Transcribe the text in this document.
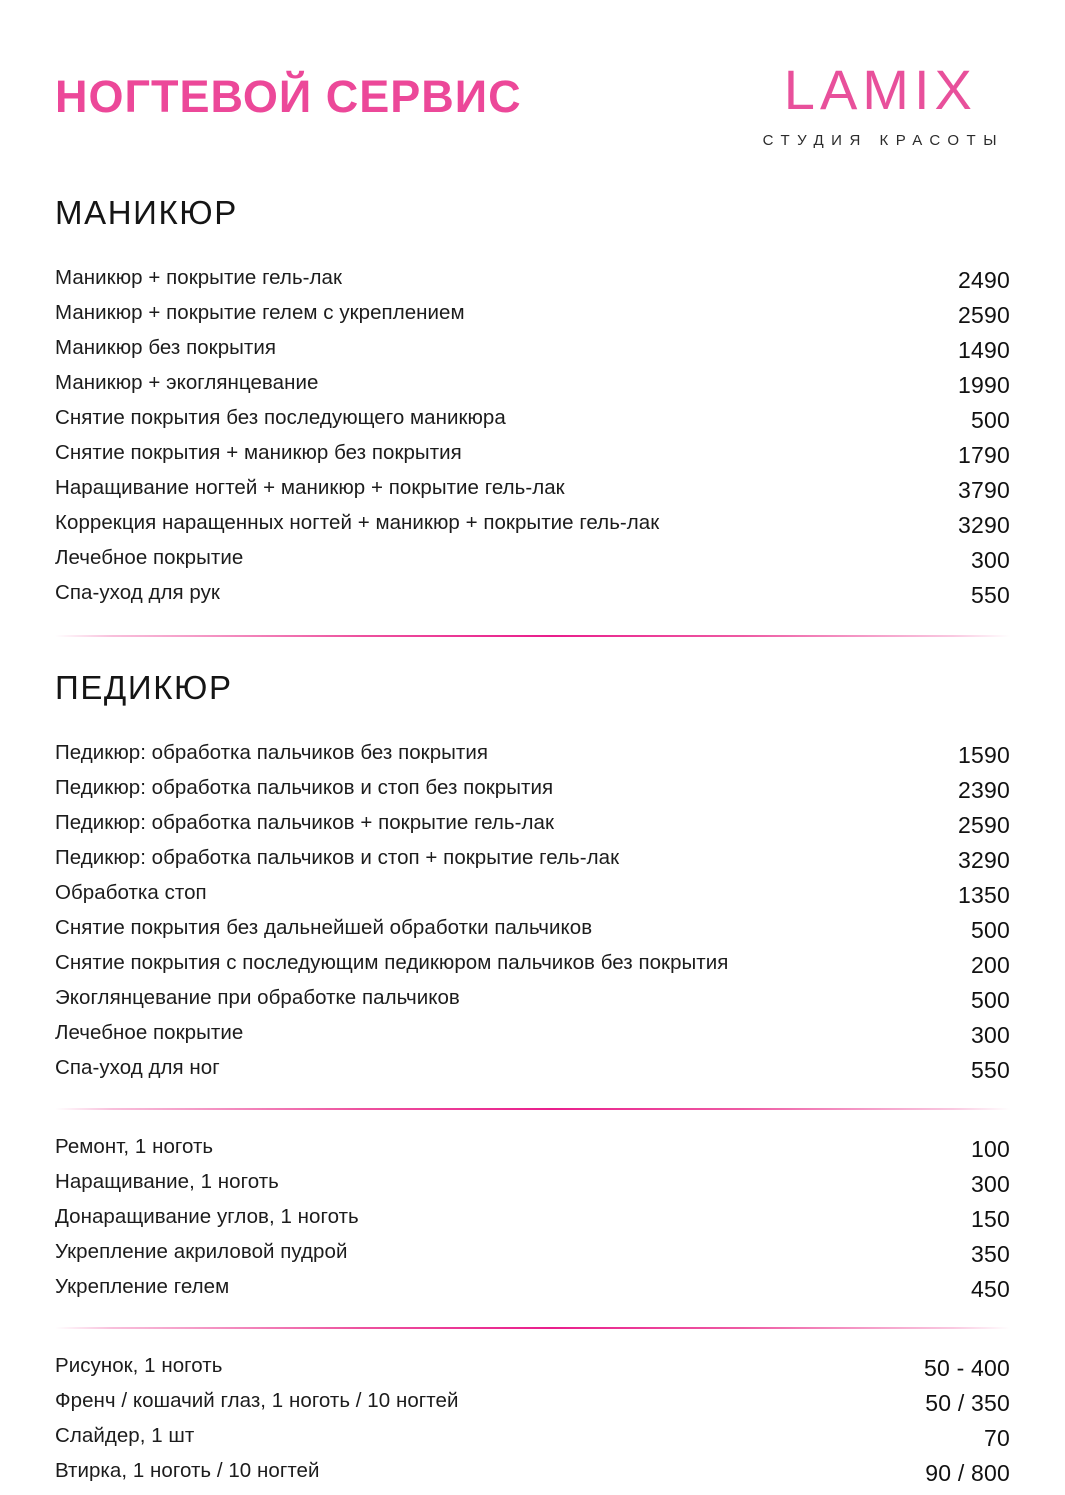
НОГТЕВОЙ СЕРВИС	LAMIX
СТУДИЯ КРАСОТЫ
МАНИКЮР
Маникюр + покрытие гель-лак	2490
Маникюр + покрытие гелем с укреплением	2590
Маникюр без покрытия	1490
Маникюр + экоглянцевание	1990
Снятие покрытия без последующего маникюра	500
Снятие покрытия + маникюр без покрытия	1790
Наращивание ногтей + маникюр + покрытие гель-лак	3790
Коррекция наращенных ногтей + маникюр + покрытие гель-лак	3290
Лечебное покрытие	300
Спа-уход для рук	550
ПЕДИКЮР
Педикюр: обработка пальчиков без покрытия	1590
Педикюр: обработка пальчиков и стоп без покрытия	2390
Педикюр: обработка пальчиков + покрытие гель-лак	2590
Педикюр: обработка пальчиков и стоп + покрытие гель-лак	3290
Обработка стоп	1350
Снятие покрытия без дальнейшей обработки пальчиков	500
Снятие покрытия с последующим педикюром пальчиков без покрытия	200
Экоглянцевание при обработке пальчиков	500
Лечебное покрытие	300
Спа-уход для ног	550
Ремонт, 1 ноготь	100
Наращивание, 1 ноготь	300
Донаращивание углов, 1 ноготь	150
Укрепление акриловой пудрой	350
Укрепление гелем	450
Рисунок, 1 ноготь	50 - 400
Френч / кошачий глаз, 1 ноготь / 10 ногтей	50 / 350
Слайдер, 1 шт	70
Втирка, 1 ноготь / 10 ногтей	90 / 800
